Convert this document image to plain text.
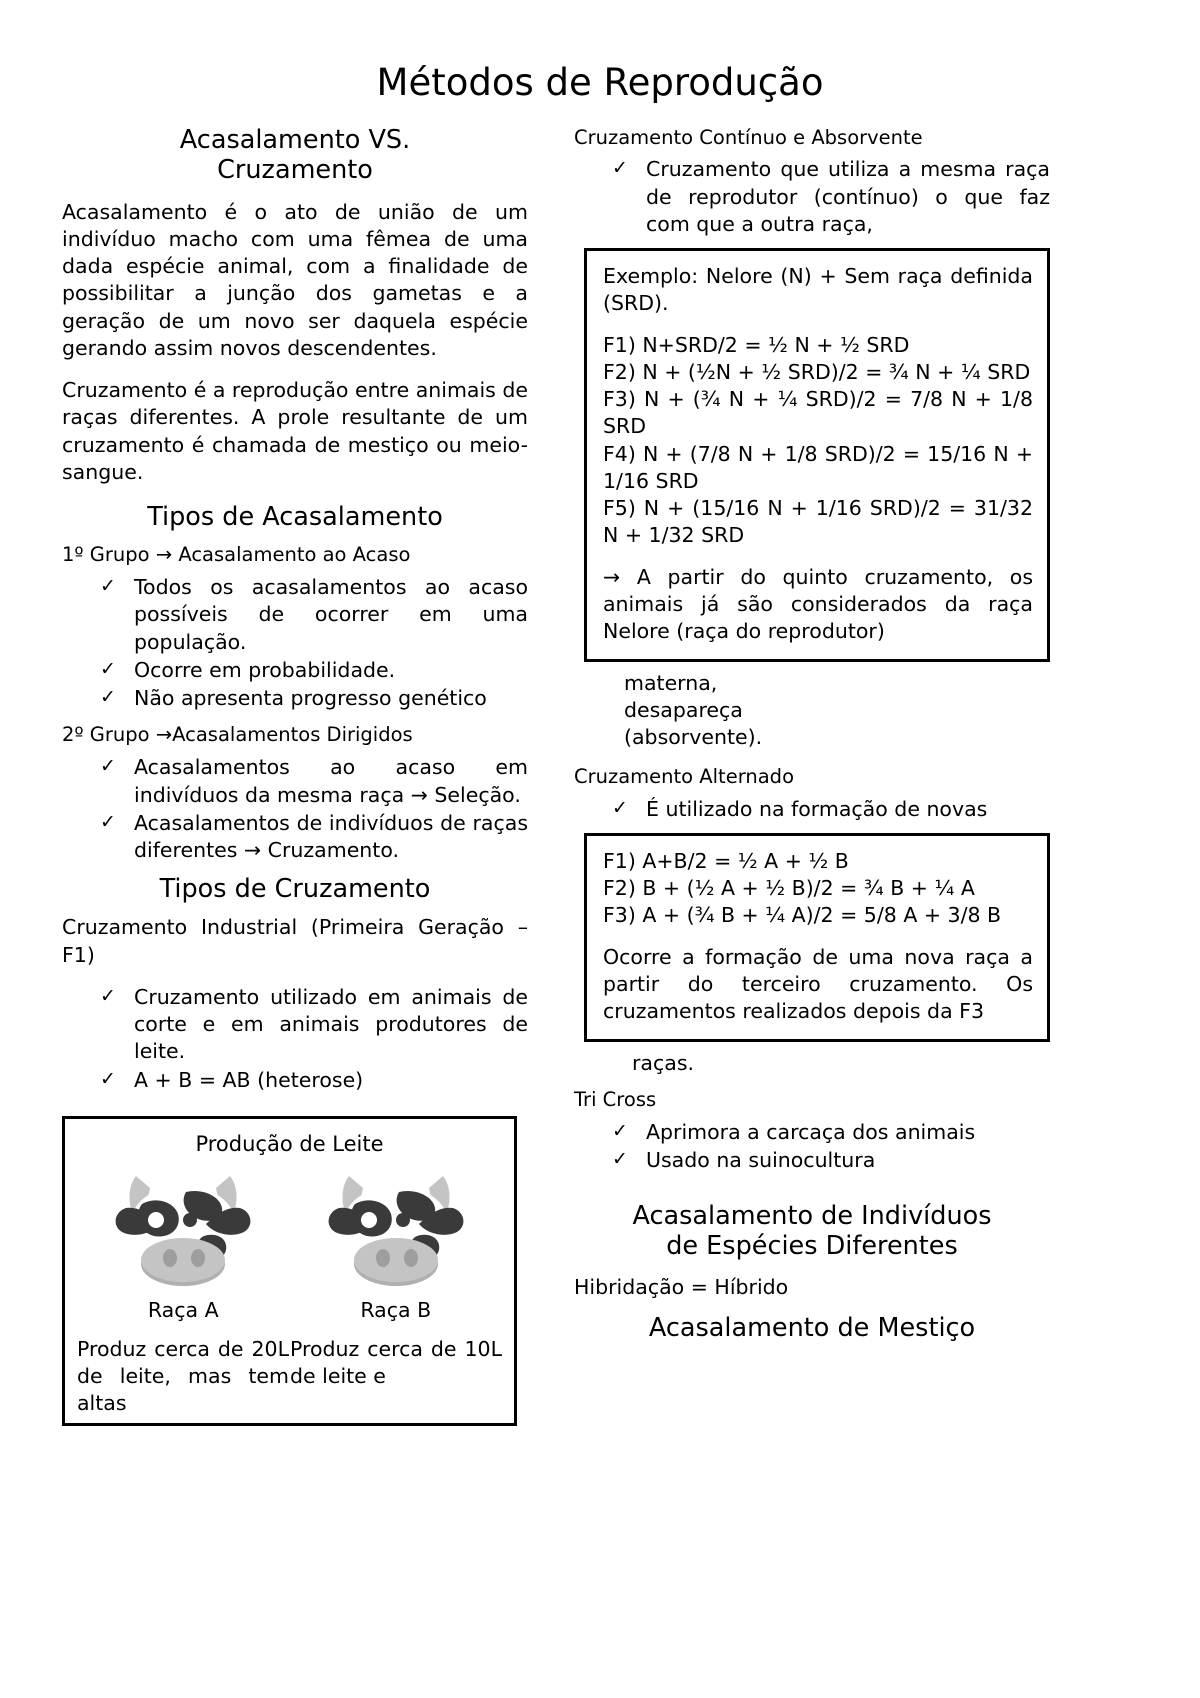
Métodos de Reprodução
Acasalamento VS.
Cruzamento

Acasalamento é o ato de união de um indivíduo macho com uma fêmea de uma dada espécie animal, com a finalidade de possibilitar a junção dos gametas e a geração de um novo ser daquela espécie gerando assim novos descendentes.

Cruzamento é a reprodução entre animais de raças diferentes. A prole resultante de um cruzamento é chamada de mestiço ou meio-sangue.

Tipos de Acasalamento

1º Grupo → Acasalamento ao Acaso

✓ Todos os acasalamentos ao acaso possíveis de ocorrer em uma população.
✓ Ocorre em probabilidade.
✓ Não apresenta progresso genético

2º Grupo →Acasalamentos Dirigidos

✓ Acasalamentos ao acaso em indivíduos da mesma raça → Seleção.
✓ Acasalamentos de indivíduos de raças diferentes → Cruzamento.
Tipos de Cruzamento

Cruzamento Industrial (Primeira Geração – F1)

✓ Cruzamento utilizado em animais de corte e em animais produtores de leite.
✓ A + B = AB (heterose)
Produção de Leite
Raça A	Raça B
Produz cerca de 20L de leite, mas tem altas
Produz cerca de 10L de leite e

Cruzamento Contínuo e Absorvente

✓ Cruzamento que utiliza a mesma raça de reprodutor (contínuo) o que faz com que a outra raça,

Exemplo: Nelore (N) + Sem raça definida (SRD).

F1) N+SRD/2 = ½ N + ½ SRD

F2) N + (½N + ½ SRD)/2 = ¾ N + ¼ SRD

F3) N + (¾ N + ¼ SRD)/2 = 7/8 N + 1/8 SRD

F4) N + (7/8 N + 1/8 SRD)/2 = 15/16 N + 1/16 SRD

F5) N + (15/16 N + 1/16 SRD)/2 = 31/32 N + 1/32 SRD

→ A partir do quinto cruzamento, os animais já são considerados da raça Nelore (raça do reprodutor)

materna,desapareça
(absorvente).

Cruzamento Alternado

✓ É utilizado na formação de novas

F1) A+B/2 = ½ A + ½ B

F2) B + (½ A + ½ B)/2 = ¾ B + ¼ A

F3) A + (¾ B + ¼ A)/2 = 5/8 A + 3/8 B

Ocorre a formação de uma nova raça a partir do terceiro cruzamento. Os cruzamentos realizados depois da F3

raças.

Tri Cross

✓ Aprimora a carcaça dos animais
✓ Usado na suinocultura
Acasalamento de Indivíduos
de Espécies Diferentes

Hibridação = Híbrido

Acasalamento de Mestiço
